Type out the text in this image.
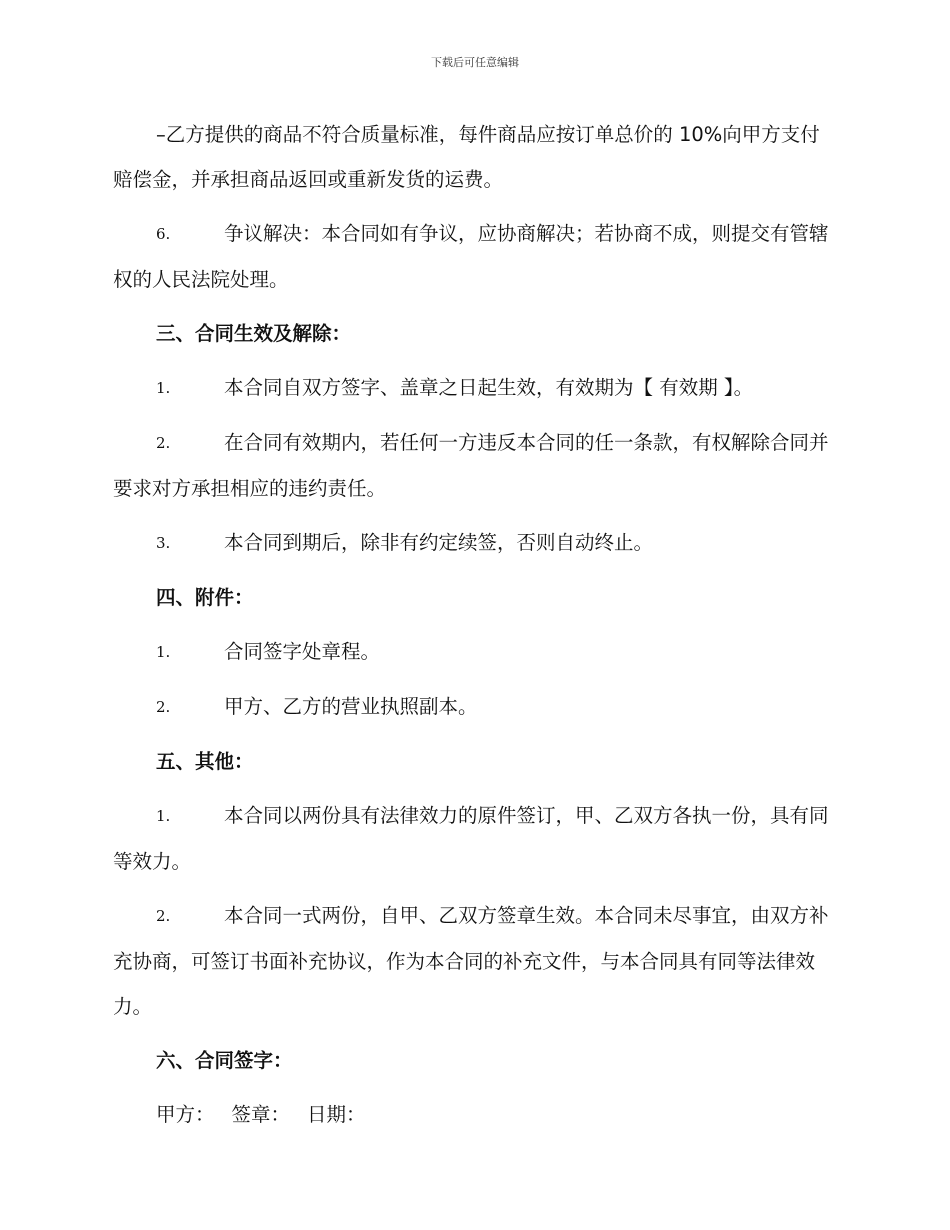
下载后可任意编辑
–乙方提供的商品不符合质量标准，每件商品应按订单总价的 10%向甲方支付赔偿金，并承担商品返回或重新发货的运费。
6.	争议解决：本合同如有争议，应协商解决；若协商不成，则提交有管辖权的人民法院处理。
三、合同生效及解除：
1.	本合同自双方签字、盖章之日起生效，有效期为【 有效期 】。
2.	在合同有效期内，若任何一方违反本合同的任一条款，有权解除合同并要求对方承担相应的违约责任。
3.	本合同到期后，除非有约定续签，否则自动终止。
四、附件：
1.	合同签字处章程。
2.	甲方、乙方的营业执照副本。
五、其他：
1.	本合同以两份具有法律效力的原件签订，甲、乙双方各执一份，具有同等效力。
2.	本合同一式两份，自甲、乙双方签章生效。本合同未尽事宜，由双方补充协商，可签订书面补充协议，作为本合同的补充文件，与本合同具有同等法律效力。
六、合同签字：
甲方： 签章： 日期：
